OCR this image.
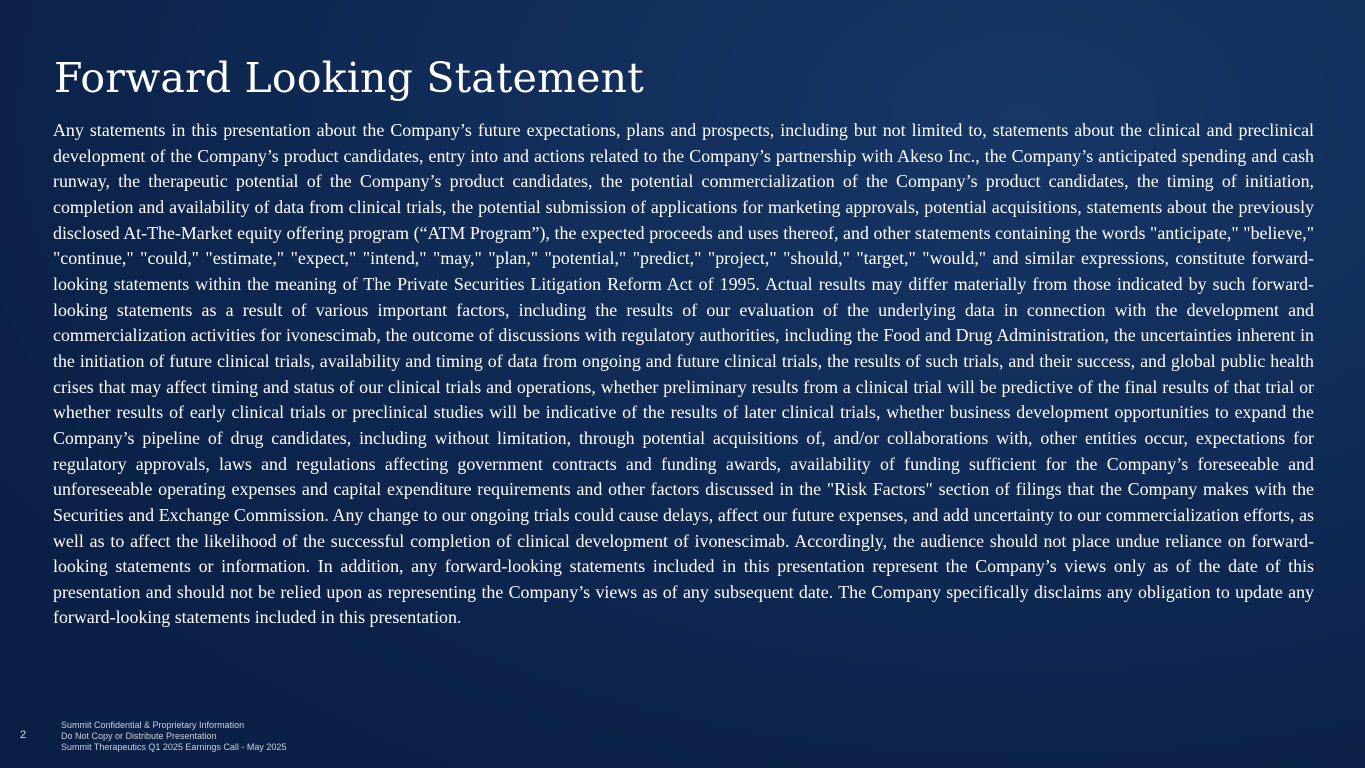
Forward Looking Statement

Any statements in this presentation about the Company’s future expectations, plans and prospects, including but not limited to, statements about the clinical and preclinical development of the Company’s product candidates, entry into and actions related to the Company’s partnership with Akeso Inc., the Company’s anticipated spending and cash runway, the therapeutic potential of the Company’s product candidates, the potential commercialization of the Company’s product candidates, the timing of initiation, completion and availability of data from clinical trials, the potential submission of applications for marketing approvals, potential acquisitions, statements about the previously disclosed At-The-Market equity offering program (“ATM Program”), the expected proceeds and uses thereof, and other statements containing the words "anticipate," "believe," "continue," "could," "estimate," "expect," "intend," "may," "plan," "potential," "predict," "project," "should," "target," "would," and similar expressions, constitute forward-looking statements within the meaning of The Private Securities Litigation Reform Act of 1995. Actual results may differ materially from those indicated by such forward-looking statements as a result of various important factors, including the results of our evaluation of the underlying data in connection with the development and commercialization activities for ivonescimab, the outcome of discussions with regulatory authorities, including the Food and Drug Administration, the uncertainties inherent in the initiation of future clinical trials, availability and timing of data from ongoing and future clinical trials, the results of such trials, and their success, and global public health crises that may affect timing and status of our clinical trials and operations, whether preliminary results from a clinical trial will be predictive of the final results of that trial or whether results of early clinical trials or preclinical studies will be indicative of the results of later clinical trials, whether business development opportunities to expand the Company’s pipeline of drug candidates, including without limitation, through potential acquisitions of, and/or collaborations with, other entities occur, expectations for regulatory approvals, laws and regulations affecting government contracts and funding awards, availability of funding sufficient for the Company’s foreseeable and unforeseeable operating expenses and capital expenditure requirements and other factors discussed in the "Risk Factors" section of filings that the Company makes with the Securities and Exchange Commission. Any change to our ongoing trials could cause delays, affect our future expenses, and add uncertainty to our commercialization efforts, as well as to affect the likelihood of the successful completion of clinical development of ivonescimab. Accordingly, the audience should not place undue reliance on forward-looking statements or information. In addition, any forward-looking statements included in this presentation represent the Company’s views only as of the date of this presentation and should not be relied upon as representing the Company’s views as of any subsequent date. The Company specifically disclaims any obligation to update any forward-looking statements included in this presentation.

2
Summit Confidential & Proprietary Information
Do Not Copy or Distribute Presentation
Summit Therapeutics Q1 2025 Earnings Call - May 2025
